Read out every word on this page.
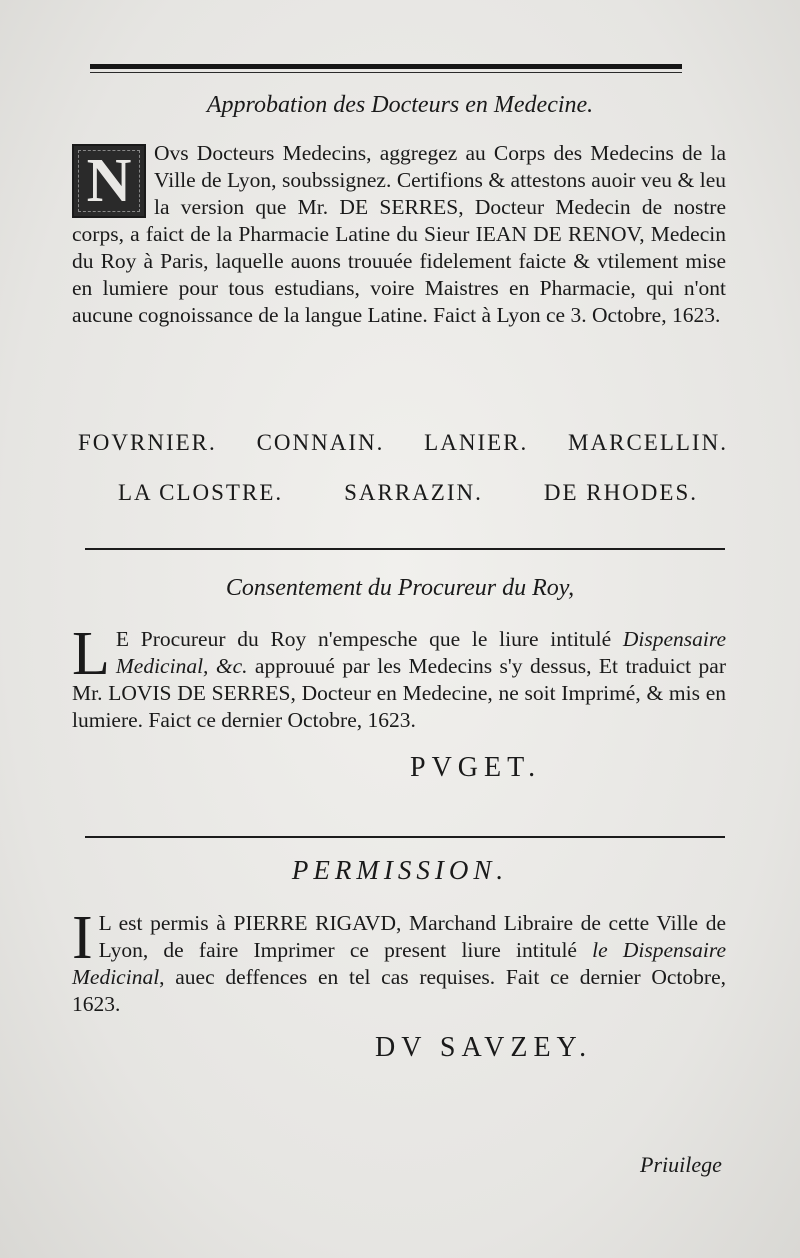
Approbation des Docteurs en Medecine.

N	Ovs Docteurs Medecins, aggregez au Corps des Medecins de la Ville de Lyon, soubssignez. Certifions & attestons auoir veu & leu la version que Mr. DE SERRES, Docteur Medecin de nostre corps, a faict de la Pharmacie Latine du Sieur IEAN DE RENOV, Medecin du Roy à Paris, laquelle auons trouuée fidelement faicte & vtilement mise en lumiere pour tous estudians, voire Maistres en Pharmacie, qui n'ont aucune cognoissance de la langue Latine. Faict à Lyon ce 3. Octobre, 1623.

FOVRNIER. CONNAIN. LANIER. MARCELLIN.
LA CLOSTRE.	SARRAZIN.	DE RHODES.
Consentement du Procureur du Roy,

L E Procureur du Roy n'empesche que le liure intitulé Dispensaire Medicinal, &c. approuué par les Medecins s'y dessus, Et traduict par Mr. LOVIS DE SERRES, Docteur en Medecine, ne soit Imprimé, & mis en lumiere. Faict ce dernier Octobre, 1623.

PVGET.
PERMISSION.

I L est permis à PIERRE RIGAVD, Marchand Libraire de cette Ville de Lyon, de faire Imprimer ce present liure intitulé le Dispensaire Medicinal, auec deffences en tel cas requises. Fait ce dernier Octobre, 1623.

DV SAVZEY.
Priuilege
